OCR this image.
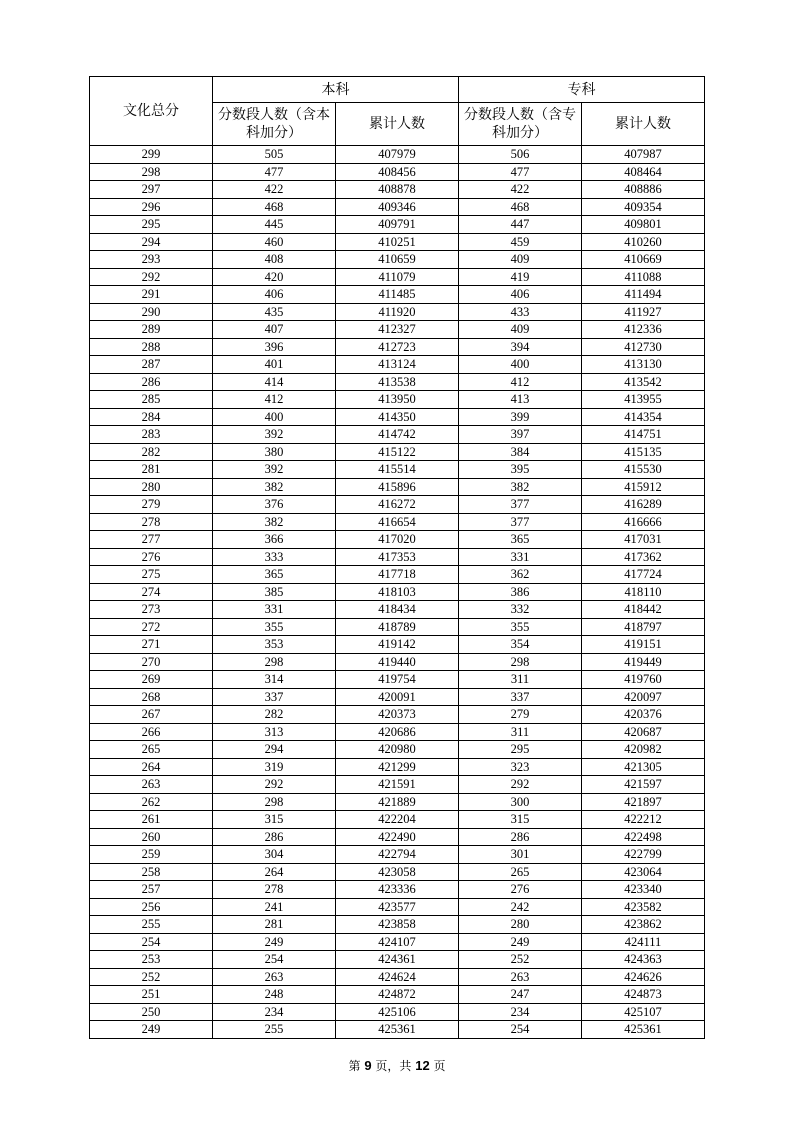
文化总分	本科		专科	
	分数段人数（含本科加分）	累计人数	分数段人数（含专科加分）	累计人数
299	505	407979	506	407987
298	477	408456	477	408464
297	422	408878	422	408886
296	468	409346	468	409354
295	445	409791	447	409801
294	460	410251	459	410260
293	408	410659	409	410669
292	420	411079	419	411088
291	406	411485	406	411494
290	435	411920	433	411927
289	407	412327	409	412336
288	396	412723	394	412730
287	401	413124	400	413130
286	414	413538	412	413542
285	412	413950	413	413955
284	400	414350	399	414354
283	392	414742	397	414751
282	380	415122	384	415135
281	392	415514	395	415530
280	382	415896	382	415912
279	376	416272	377	416289
278	382	416654	377	416666
277	366	417020	365	417031
276	333	417353	331	417362
275	365	417718	362	417724
274	385	418103	386	418110
273	331	418434	332	418442
272	355	418789	355	418797
271	353	419142	354	419151
270	298	419440	298	419449
269	314	419754	311	419760
268	337	420091	337	420097
267	282	420373	279	420376
266	313	420686	311	420687
265	294	420980	295	420982
264	319	421299	323	421305
263	292	421591	292	421597
262	298	421889	300	421897
261	315	422204	315	422212
260	286	422490	286	422498
259	304	422794	301	422799
258	264	423058	265	423064
257	278	423336	276	423340
256	241	423577	242	423582
255	281	423858	280	423862
254	249	424107	249	424111
253	254	424361	252	424363
252	263	424624	263	424626
251	248	424872	247	424873
250	234	425106	234	425107
249	255	425361	254	425361
第 9 页，共 12 页
